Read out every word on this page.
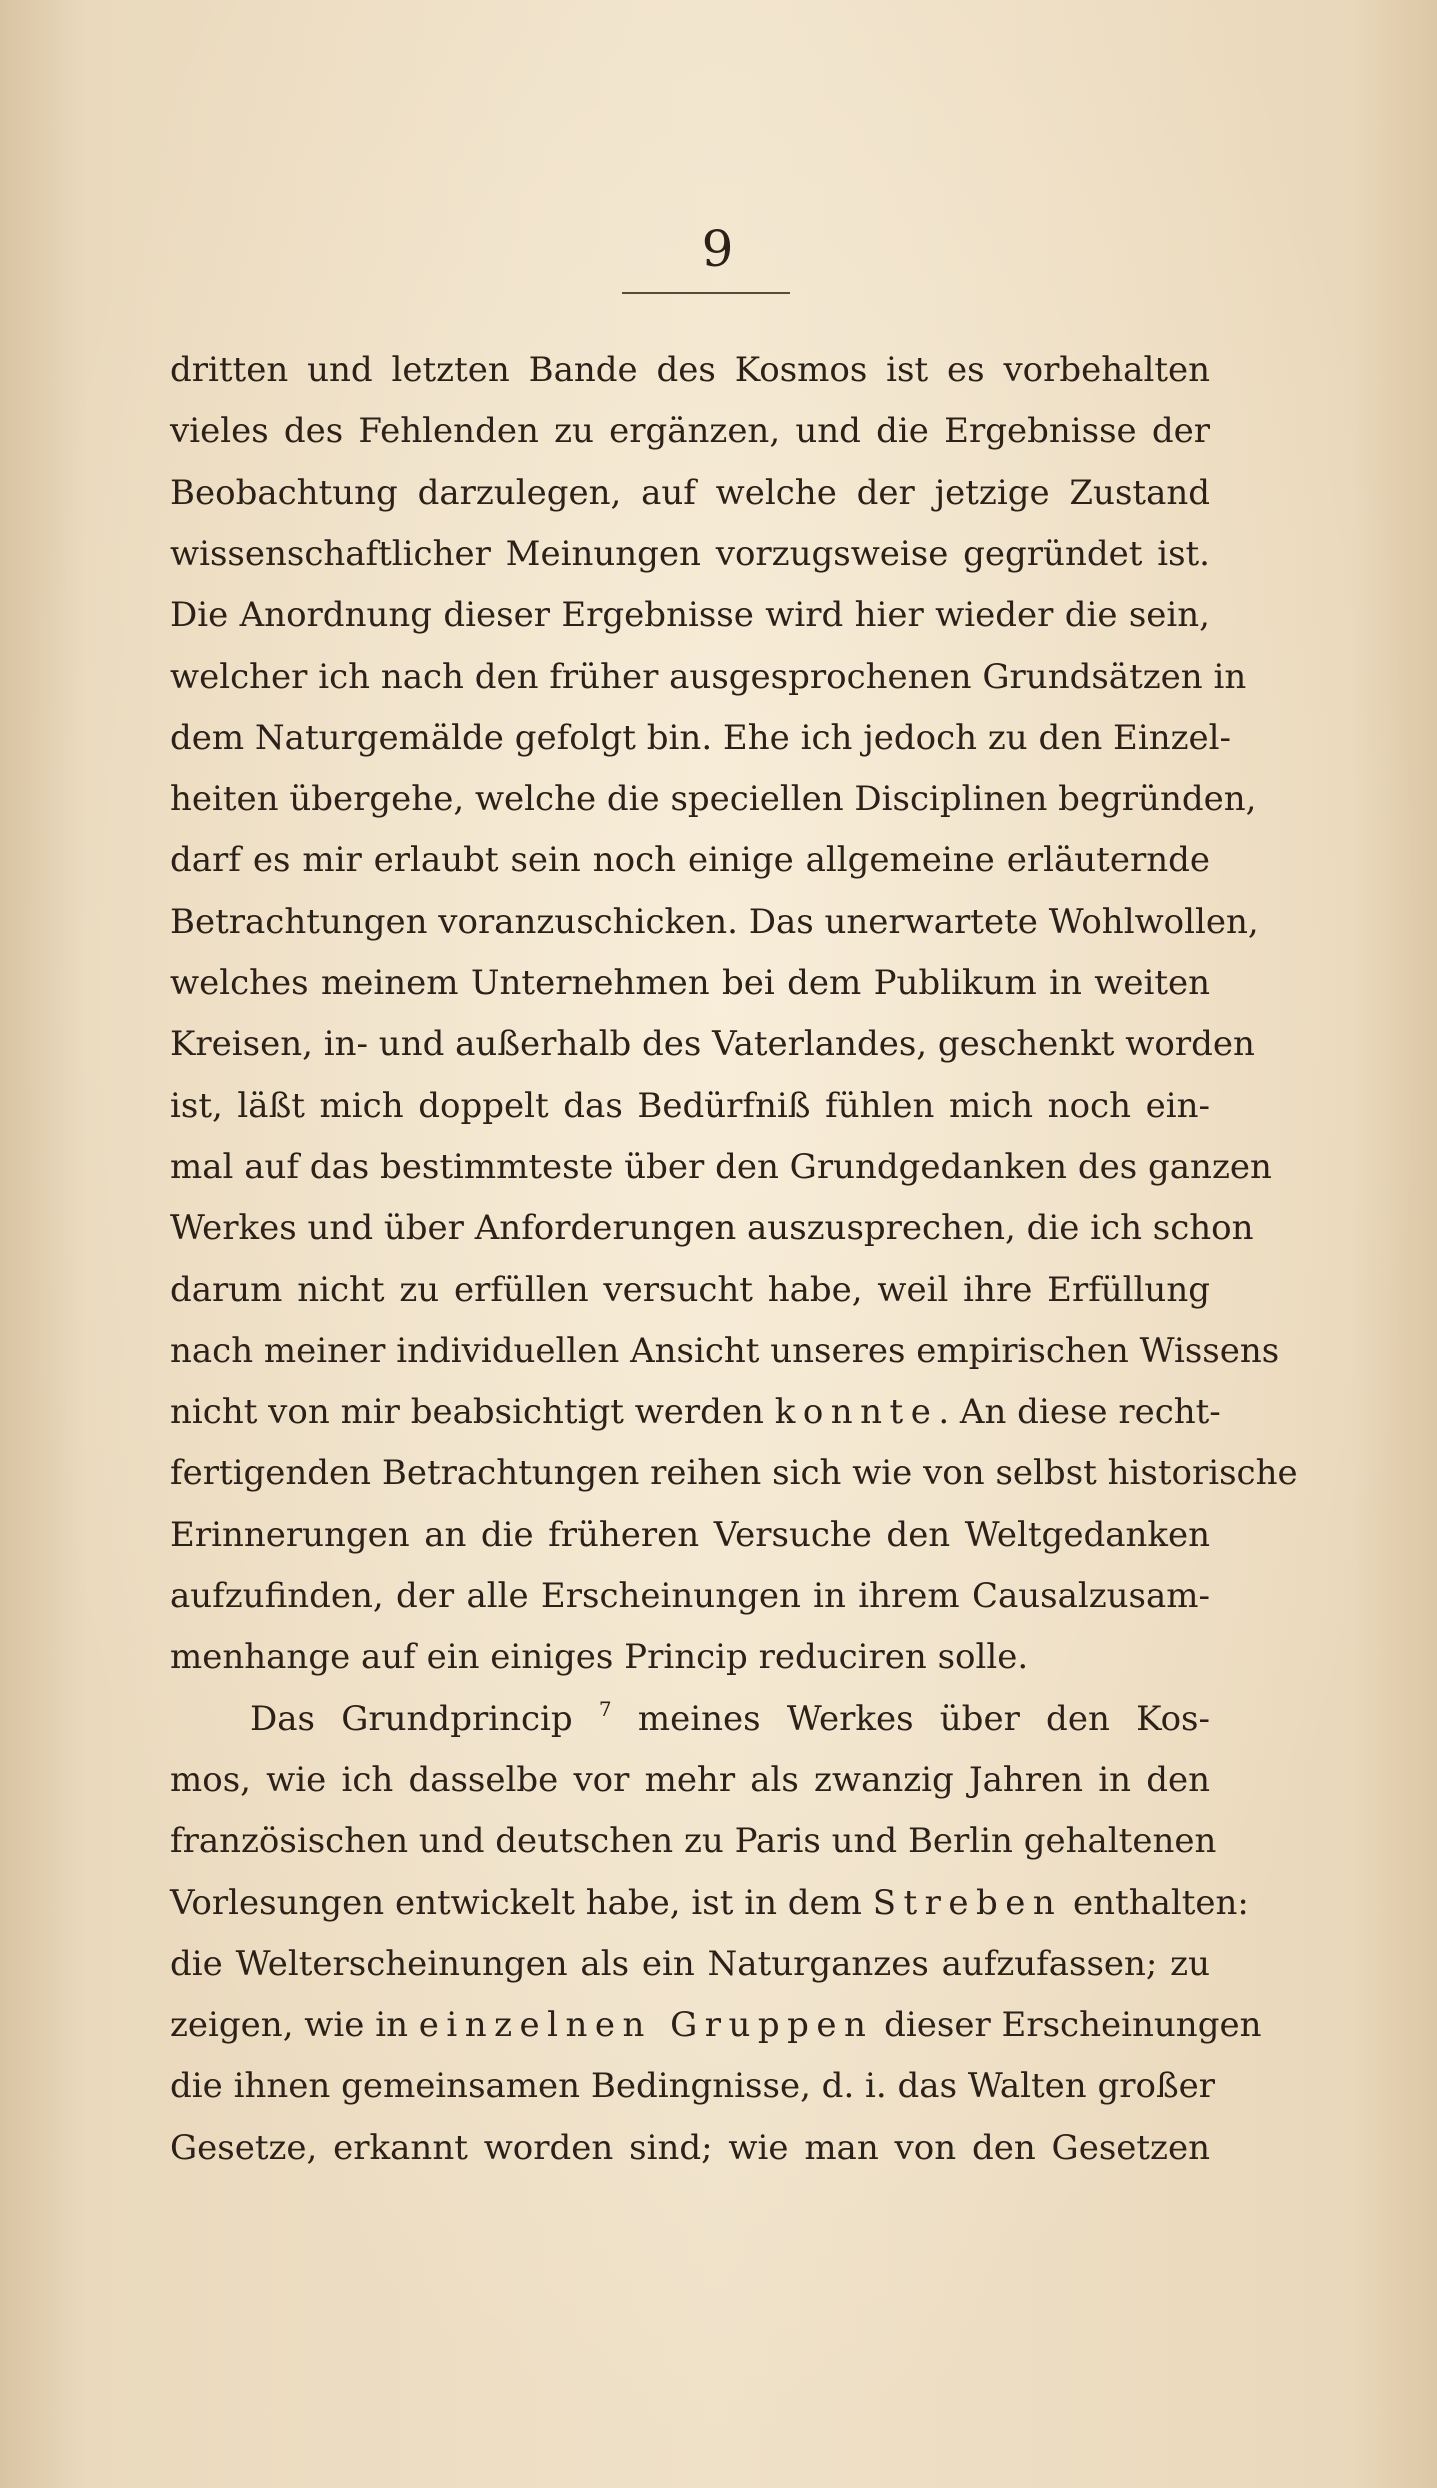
9
dritten und letzten Bande des Kosmos ist es vorbehalten
vieles des Fehlenden zu ergänzen, und die Ergebnisse der
Beobachtung darzulegen, auf welche der jetzige Zustand
wissenschaftlicher Meinungen vorzugsweise gegründet ist.
Die Anordnung dieser Ergebnisse wird hier wieder die sein,
welcher ich nach den früher ausgesprochenen Grundsätzen in
dem Naturgemälde gefolgt bin. Ehe ich jedoch zu den Einzel-
heiten übergehe, welche die speciellen Disciplinen begründen,
darf es mir erlaubt sein noch einige allgemeine erläuternde
Betrachtungen voranzuschicken. Das unerwartete Wohlwollen,
welches meinem Unternehmen bei dem Publikum in weiten
Kreisen, in- und außerhalb des Vaterlandes, geschenkt worden
ist, läßt mich doppelt das Bedürfniß fühlen mich noch ein-
mal auf das bestimmteste über den Grundgedanken des ganzen
Werkes und über Anforderungen auszusprechen, die ich schon
darum nicht zu erfüllen versucht habe, weil ihre Erfüllung
nach meiner individuellen Ansicht unseres empirischen Wissens
nicht von mir beabsichtigt werden konnte. An diese recht-
fertigenden Betrachtungen reihen sich wie von selbst historische
Erinnerungen an die früheren Versuche den Weltgedanken
aufzufinden, der alle Erscheinungen in ihrem Causalzusam-
menhange auf ein einiges Princip reduciren solle.
Das Grundprincip $^7$ meines Werkes über den Kos-
mos, wie ich dasselbe vor mehr als zwanzig Jahren in den
französischen und deutschen zu Paris und Berlin gehaltenen
Vorlesungen entwickelt habe, ist in dem Streben enthalten:
die Welterscheinungen als ein Naturganzes aufzufassen; zu
zeigen, wie in einzelnen Gruppen dieser Erscheinungen
die ihnen gemeinsamen Bedingnisse, d. i. das Walten großer
Gesetze, erkannt worden sind; wie man von den Gesetzen
